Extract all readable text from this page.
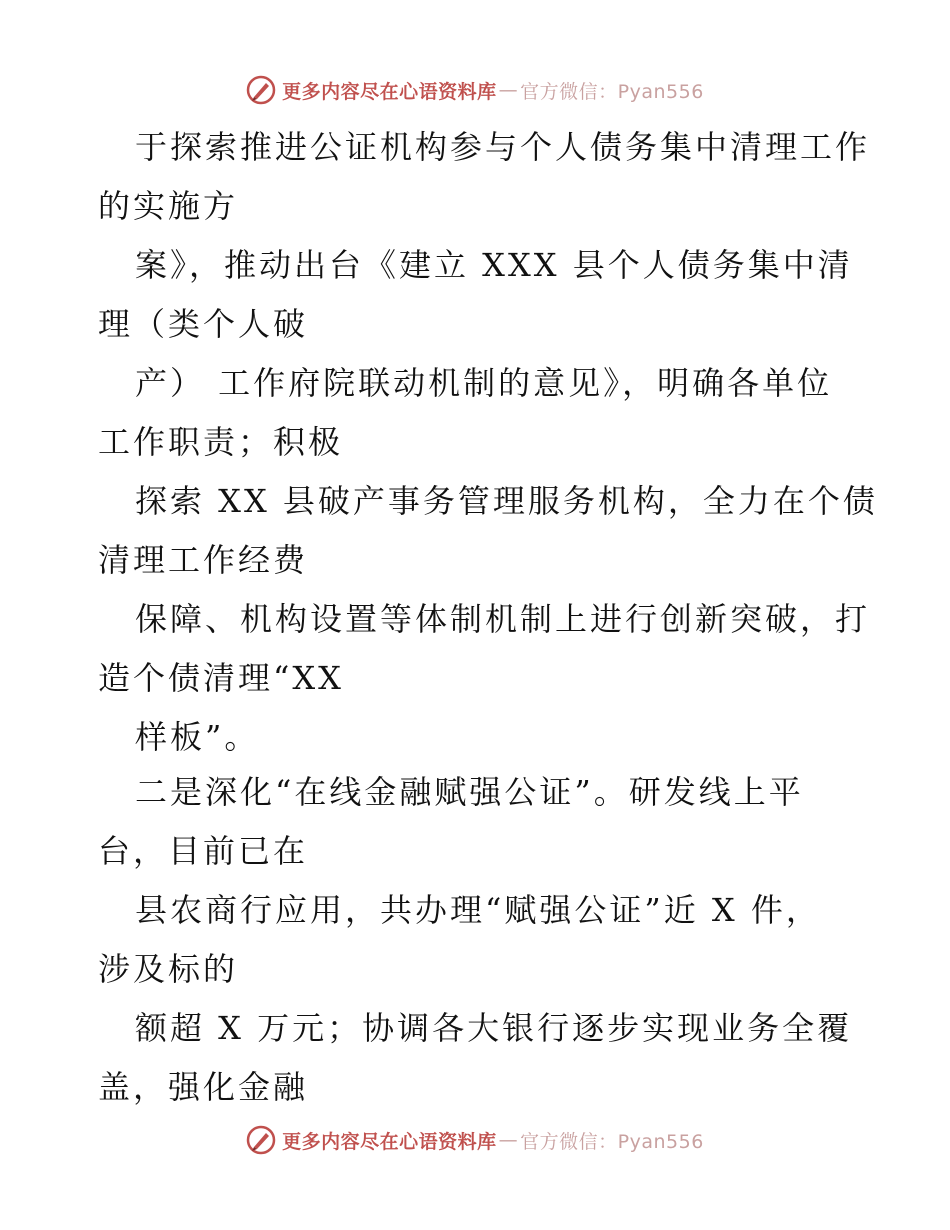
更多内容尽在心语资料库 — 官方微信：Pyan556
于探索推进公证机构参与个人债务集中清理工作
的实施方
案》，推动出台《建立 XXX 县个人债务集中清
理（类个人破
产） 工作府院联动机制的意见》，明确各单位
工作职责；积极
探索 XX 县破产事务管理服务机构，全力在个债
清理工作经费
保障、机构设置等体制机制上进行创新突破，打
造个债清理“XX
样板”。
二是深化“在线金融赋强公证”。研发线上平
台，目前已在
县农商行应用，共办理“赋强公证”近 X 件，
涉及标的
额超 X 万元；协调各大银行逐步实现业务全覆
盖，强化金融
更多内容尽在心语资料库 — 官方微信：Pyan556
